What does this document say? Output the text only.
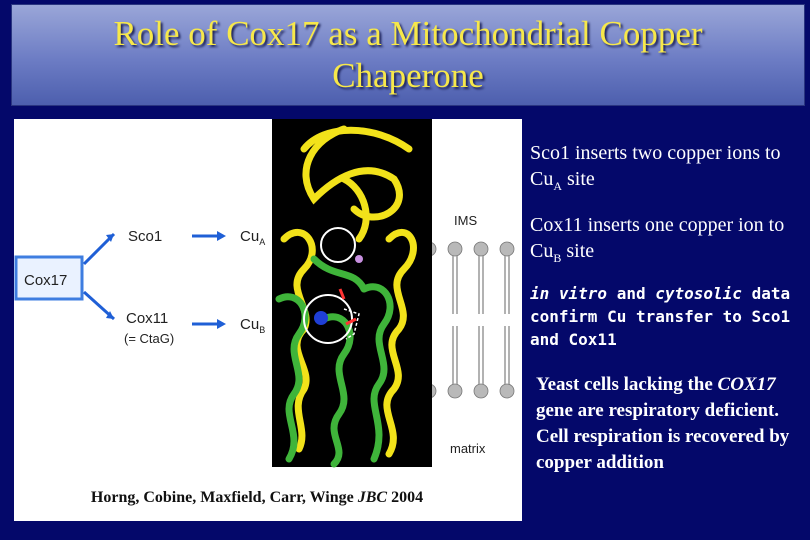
Role of Cox17 as a Mitochondrial Copper
Chaperone
IMS
matrix
Cox17
Sco1
Cox11
(= CtaG)
$Cu_A$
$Cu_B$
Horng, Cobine, Maxfield, Carr, Winge JBC 2004
Sco1 inserts two copper ions to $Cu_A$ site
Cox11 inserts one copper ion to $Cu_B$ site
in vitro and cytosolic data confirm Cu transfer to Sco1 and Cox11
Yeast cells lacking the COX17 gene are respiratory deficient. Cell respiration is recovered by copper addition
